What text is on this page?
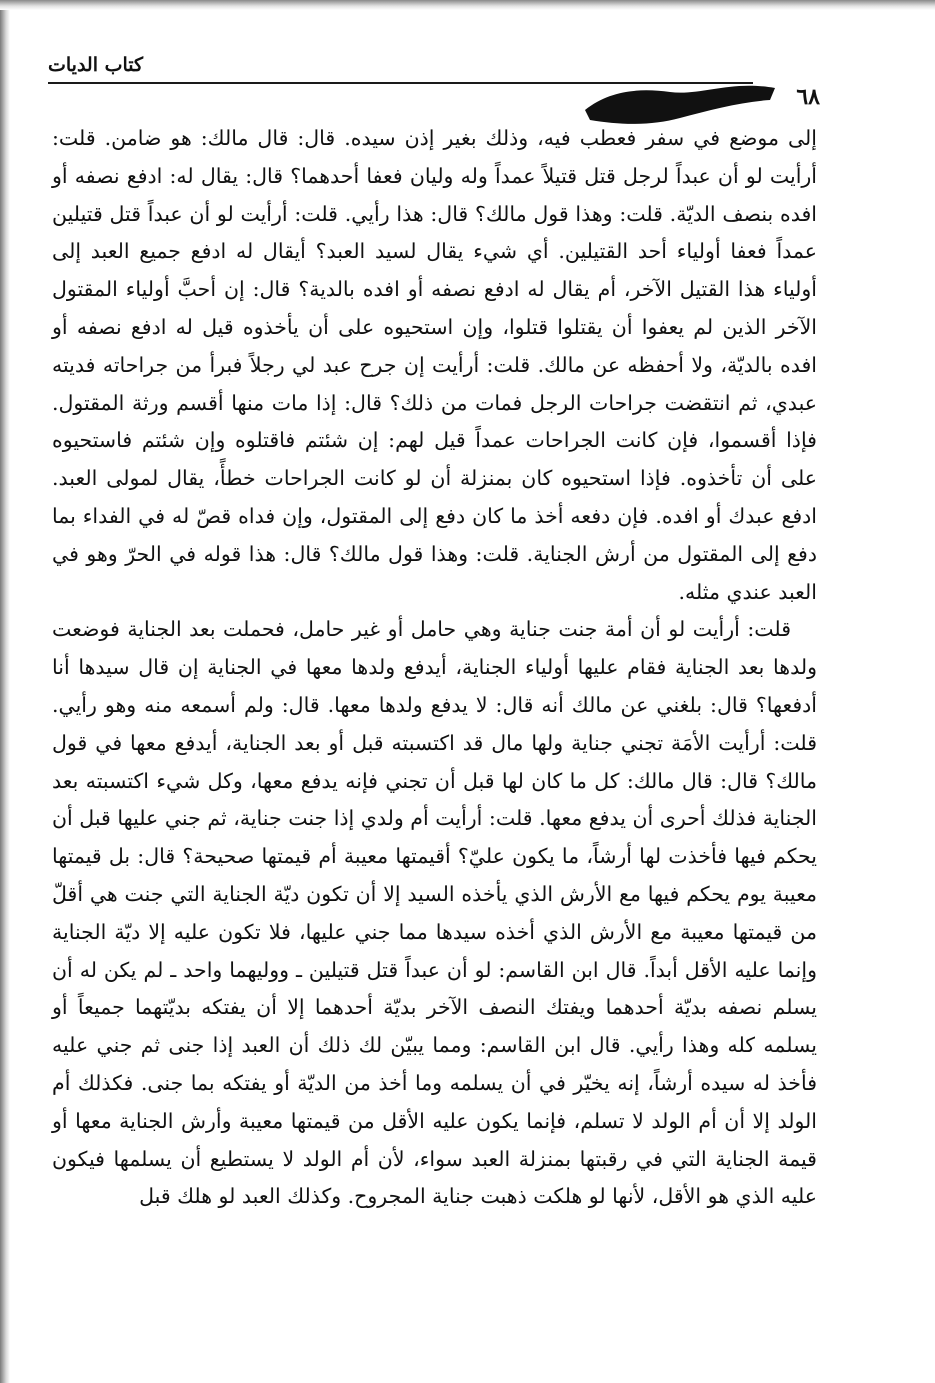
٦٨
كتاب الديات

إلى موضع في سفر فعطب فيه، وذلك بغير إذن سيده. قال: قال مالك: هو ضامن. قلت: أرأيت لو أن عبداً لرجل قتل قتيلاً عمداً وله وليان فعفا أحدهما؟ قال: يقال له: ادفع نصفه أو افده بنصف الديّة. قلت: وهذا قول مالك؟ قال: هذا رأيي. قلت: أرأيت لو أن عبداً قتل قتيلين عمداً فعفا أولياء أحد القتيلين. أي شيء يقال لسيد العبد؟ أيقال له ادفع جميع العبد إلى أولياء هذا القتيل الآخر، أم يقال له ادفع نصفه أو افده بالدية؟ قال: إن أحبَّ أولياء المقتول الآخر الذين لم يعفوا أن يقتلوا قتلوا، وإن استحيوه على أن يأخذوه قيل له ادفع نصفه أو افده بالديّة، ولا أحفظه عن مالك. قلت: أرأيت إن جرح عبد لي رجلاً فبرأ من جراحاته فديته عبدي، ثم انتقضت جراحات الرجل فمات من ذلك؟ قال: إذا مات منها أقسم ورثة المقتول. فإذا أقسموا، فإن كانت الجراحات عمداً قيل لهم: إن شئتم فاقتلوه وإن شئتم فاستحيوه على أن تأخذوه. فإذا استحيوه كان بمنزلة أن لو كانت الجراحات خطأً، يقال لمولى العبد. ادفع عبدك أو افده. فإن دفعه أخذ ما كان دفع إلى المقتول، وإن فداه قصّ له في الفداء بما دفع إلى المقتول من أرش الجناية. قلت: وهذا قول مالك؟ قال: هذا قوله في الحرّ وهو في العبد عندي مثله.

قلت: أرأيت لو أن أمة جنت جناية وهي حامل أو غير حامل، فحملت بعد الجناية فوضعت ولدها بعد الجناية فقام عليها أولياء الجناية، أيدفع ولدها معها في الجناية إن قال سيدها أنا أدفعها؟ قال: بلغني عن مالك أنه قال: لا يدفع ولدها معها. قال: ولم أسمعه منه وهو رأيي. قلت: أرأيت الأمَة تجني جناية ولها مال قد اكتسبته قبل أو بعد الجناية، أيدفع معها في قول مالك؟ قال: قال مالك: كل ما كان لها قبل أن تجني فإنه يدفع معها، وكل شيء اكتسبته بعد الجناية فذلك أحرى أن يدفع معها. قلت: أرأيت أم ولدي إذا جنت جناية، ثم جني عليها قبل أن يحكم فيها فأخذت لها أرشاً، ما يكون عليّ؟ أقيمتها معيبة أم قيمتها صحيحة؟ قال: بل قيمتها معيبة يوم يحكم فيها مع الأرش الذي يأخذه السيد إلا أن تكون ديّة الجناية التي جنت هي أقلّ من قيمتها معيبة مع الأرش الذي أخذه سيدها مما جني عليها، فلا تكون عليه إلا ديّة الجناية وإنما عليه الأقل أبداً. قال ابن القاسم: لو أن عبداً قتل قتيلين ـ ووليهما واحد ـ لم يكن له أن يسلم نصفه بديّة أحدهما ويفتك النصف الآخر بديّة أحدهما إلا أن يفتكه بديّتهما جميعاً أو يسلمه كله وهذا رأيي. قال ابن القاسم: ومما يبيّن لك ذلك أن العبد إذا جنى ثم جني عليه فأخذ له سيده أرشاً، إنه يخيّر في أن يسلمه وما أخذ من الديّة أو يفتكه بما جنى. فكذلك أم الولد إلا أن أم الولد لا تسلم، فإنما يكون عليه الأقل من قيمتها معيبة وأرش الجناية معها أو قيمة الجناية التي في رقبتها بمنزلة العبد سواء، لأن أم الولد لا يستطيع أن يسلمها فيكون عليه الذي هو الأقل، لأنها لو هلكت ذهبت جناية المجروح. وكذلك العبد لو هلك قبل
